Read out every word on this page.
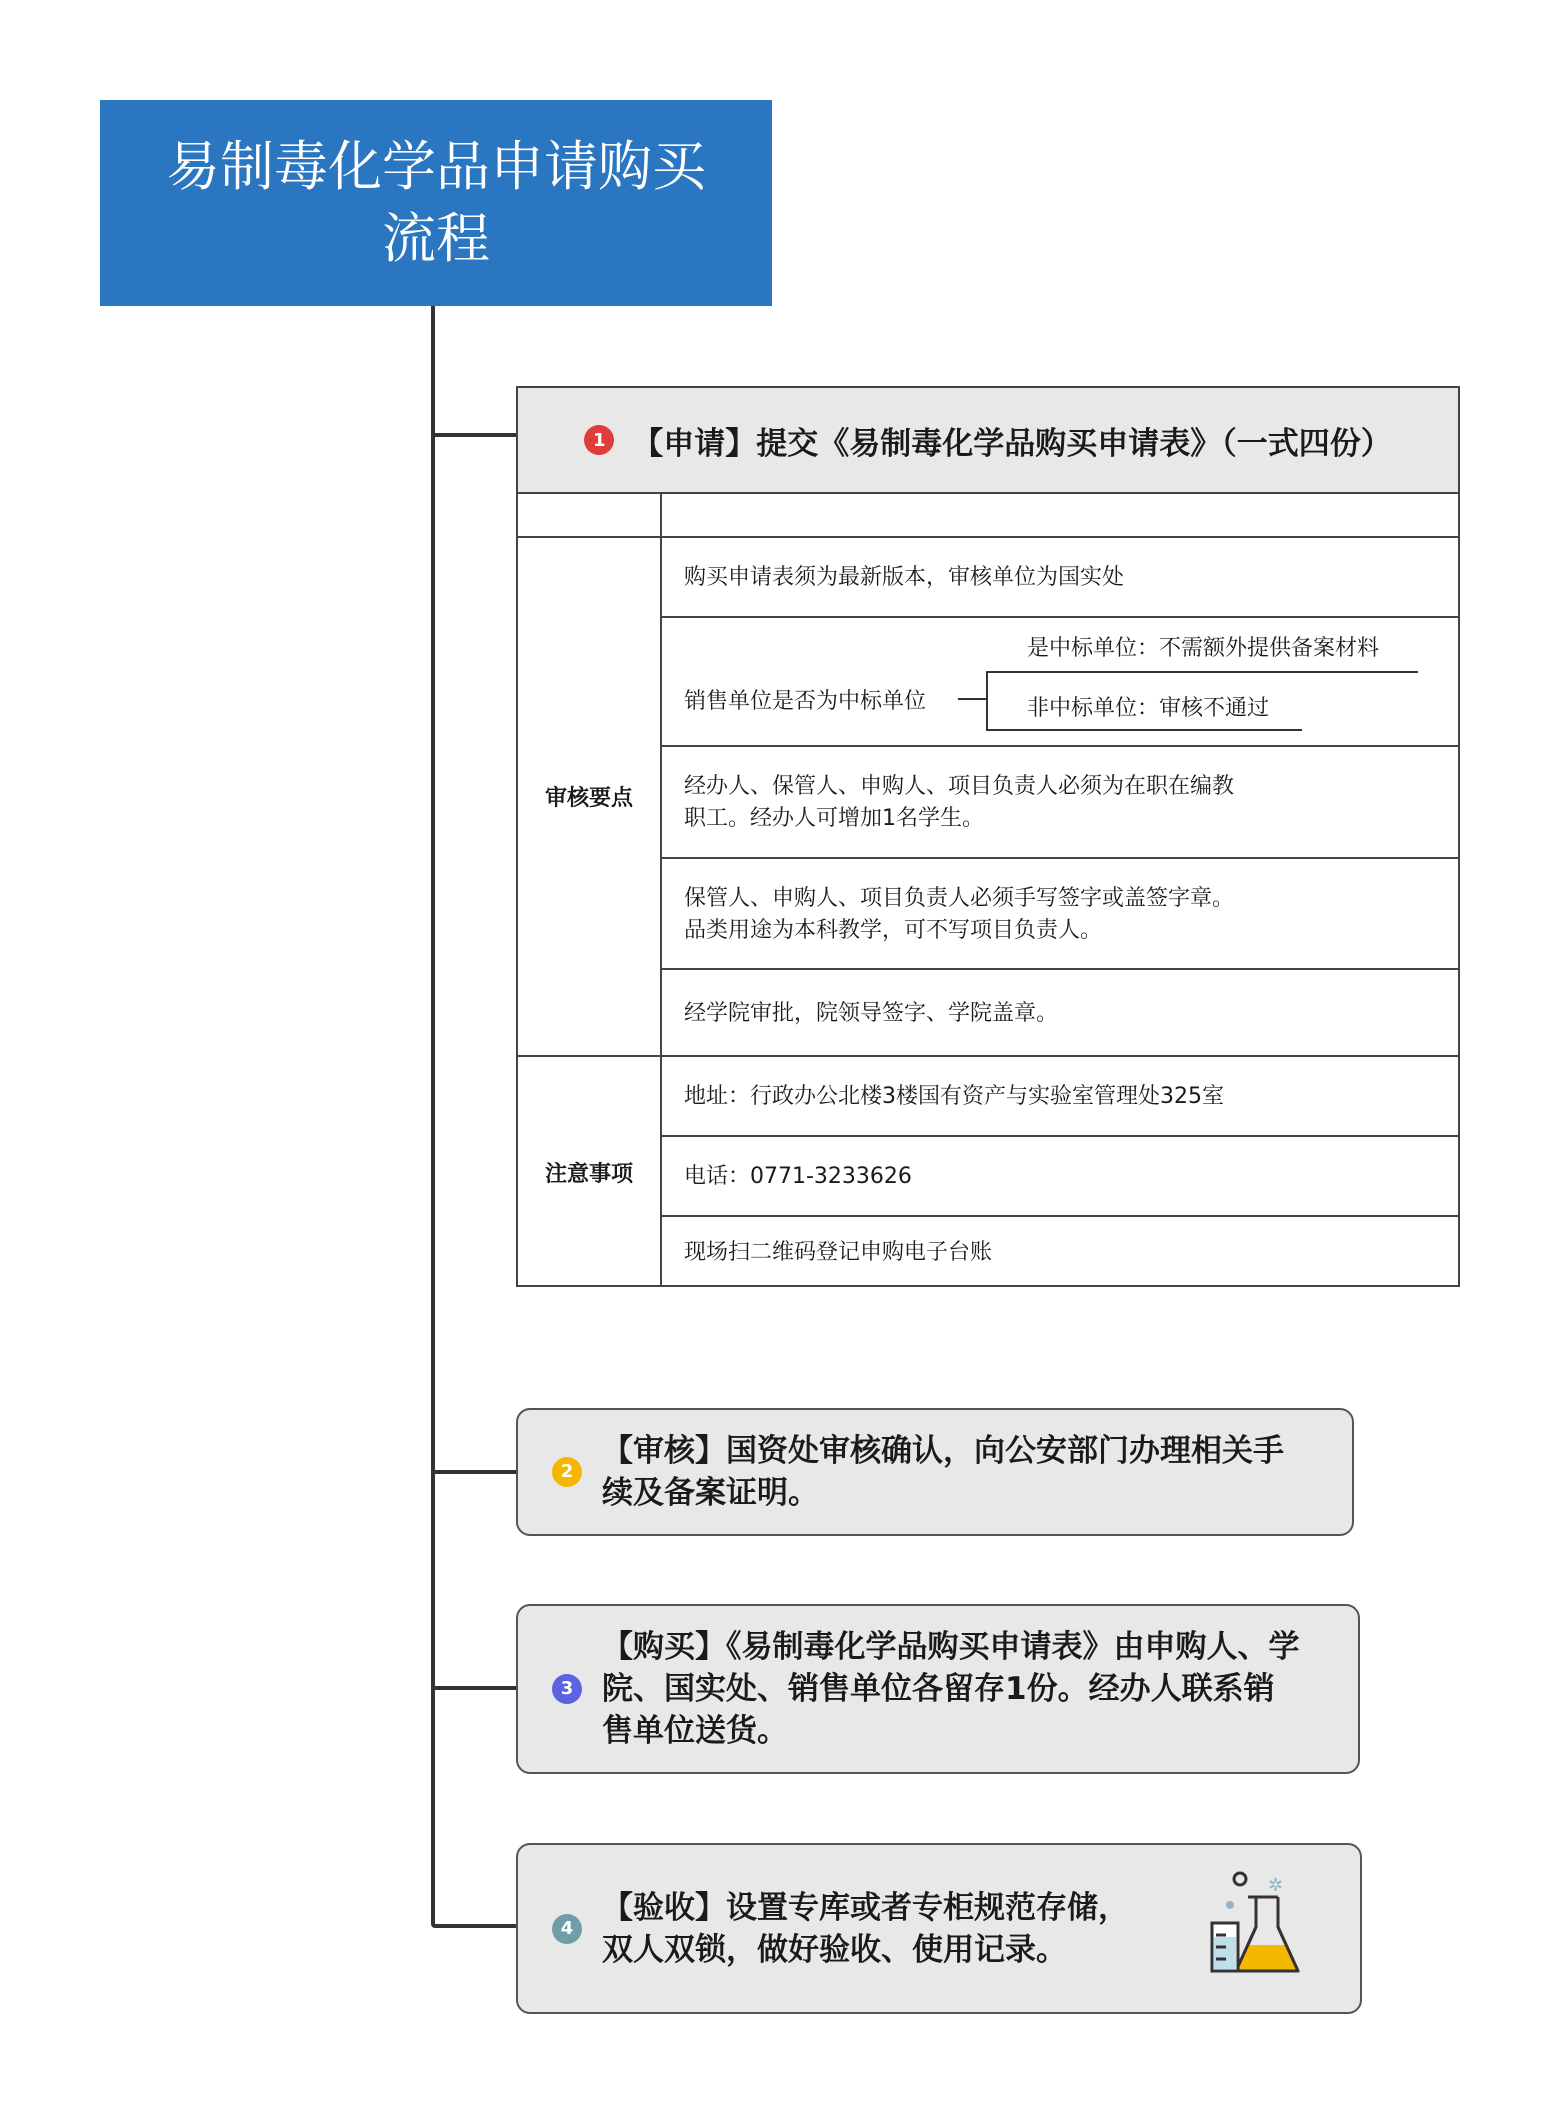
易制毒化学品申请购买流程
1 【申请】提交《易制毒化学品购买申请表》（一式四份）
审核要点
注意事项
购买申请表须为最新版本，审核单位为国实处
销售单位是否为中标单位
经办人、保管人、申购人、项目负责人必须为在职在编教
职工。经办人可增加1名学生。
保管人、申购人、项目负责人必须手写签字或盖签字章。
品类用途为本科教学，可不写项目负责人。
经学院审批，院领导签字、学院盖章。
地址：行政办公北楼3楼国有资产与实验室管理处325室
电话：0771-3233626
现场扫二维码登记申购电子台账
是中标单位：不需额外提供备案材料
非中标单位：审核不通过
2
【审核】国资处审核确认，向公安部门办理相关手续及备案证明。
3
【购买】《易制毒化学品购买申请表》由申购人、学院、国实处、销售单位各留存1份。经办人联系销售单位送货。
4
【验收】设置专库或者专柜规范存储，双人双锁，做好验收、使用记录。
✲
